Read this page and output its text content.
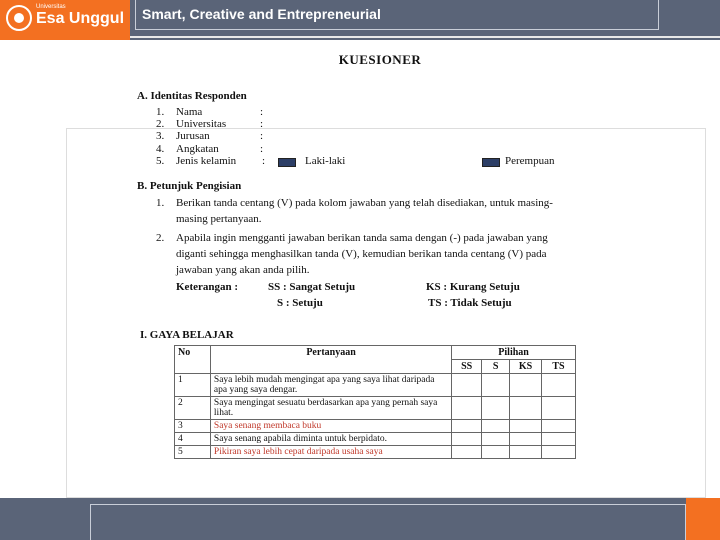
Universitas
Esa Unggul Smart, Creative and Entrepreneurial
KUESIONER
A. Identitas Responden
1. Nama	:
2. Universitas	:
3. Jurusan	:
4. Angkatan	:
5. Jenis kelamin :	Laki-laki	Perempuan
B. Petunjuk Pengisian
1. Berikan tanda centang (V) pada kolom jawaban yang telah disediakan, untuk masing-
masing pertanyaan.
2. Apabila ingin mengganti jawaban berikan tanda sama dengan (-) pada jawaban yang
diganti sehingga menghasilkan tanda (V), kemudian berikan tanda centang (V) pada
jawaban yang akan anda pilih.
Keterangan :	SS : Sangat Setuju	KS : Kurang Setuju
S : Setuju	TS : Tidak Setuju
I. GAYA BELAJAR
No	Pertanyaan	Pilihan			
		SS	S	KS	TS
1	Saya lebih mudah mengingat apa yang saya lihat daripada apa yang saya dengar.				
2	Saya mengingat sesuatu berdasarkan apa yang pernah saya lihat.				
3	Saya senang membaca buku				
4	Saya senang apabila diminta untuk berpidato.				
5	Pikiran saya lebih cepat daripada usaha saya				
